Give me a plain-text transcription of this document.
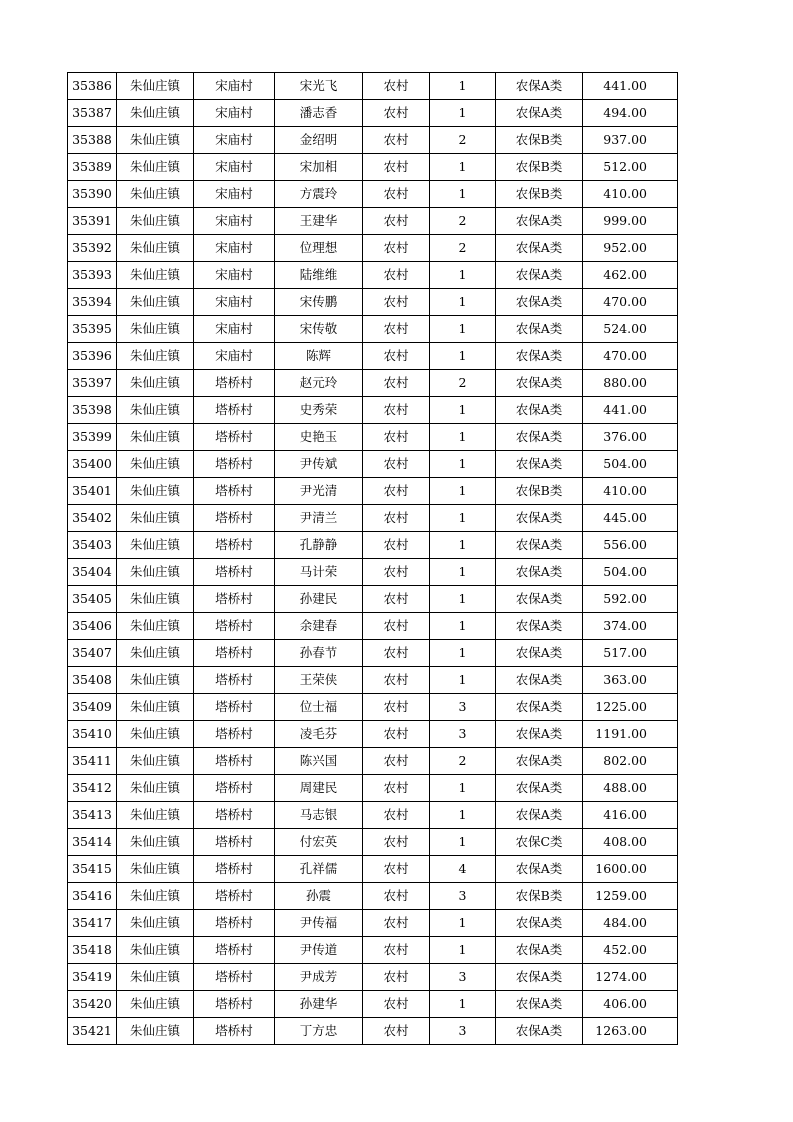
35386	朱仙庄镇	宋庙村	宋光飞	农村	1	农保A类	441.00
35387	朱仙庄镇	宋庙村	潘志香	农村	1	农保A类	494.00
35388	朱仙庄镇	宋庙村	金绍明	农村	2	农保B类	937.00
35389	朱仙庄镇	宋庙村	宋加相	农村	1	农保B类	512.00
35390	朱仙庄镇	宋庙村	方震玲	农村	1	农保B类	410.00
35391	朱仙庄镇	宋庙村	王建华	农村	2	农保A类	999.00
35392	朱仙庄镇	宋庙村	位理想	农村	2	农保A类	952.00
35393	朱仙庄镇	宋庙村	陆维维	农村	1	农保A类	462.00
35394	朱仙庄镇	宋庙村	宋传鹏	农村	1	农保A类	470.00
35395	朱仙庄镇	宋庙村	宋传敬	农村	1	农保A类	524.00
35396	朱仙庄镇	宋庙村	陈辉	农村	1	农保A类	470.00
35397	朱仙庄镇	塔桥村	赵元玲	农村	2	农保A类	880.00
35398	朱仙庄镇	塔桥村	史秀荣	农村	1	农保A类	441.00
35399	朱仙庄镇	塔桥村	史艳玉	农村	1	农保A类	376.00
35400	朱仙庄镇	塔桥村	尹传斌	农村	1	农保A类	504.00
35401	朱仙庄镇	塔桥村	尹光清	农村	1	农保B类	410.00
35402	朱仙庄镇	塔桥村	尹清兰	农村	1	农保A类	445.00
35403	朱仙庄镇	塔桥村	孔静静	农村	1	农保A类	556.00
35404	朱仙庄镇	塔桥村	马计荣	农村	1	农保A类	504.00
35405	朱仙庄镇	塔桥村	孙建民	农村	1	农保A类	592.00
35406	朱仙庄镇	塔桥村	余建春	农村	1	农保A类	374.00
35407	朱仙庄镇	塔桥村	孙春节	农村	1	农保A类	517.00
35408	朱仙庄镇	塔桥村	王荣侠	农村	1	农保A类	363.00
35409	朱仙庄镇	塔桥村	位士福	农村	3	农保A类	1225.00
35410	朱仙庄镇	塔桥村	凌毛芬	农村	3	农保A类	1191.00
35411	朱仙庄镇	塔桥村	陈兴国	农村	2	农保A类	802.00
35412	朱仙庄镇	塔桥村	周建民	农村	1	农保A类	488.00
35413	朱仙庄镇	塔桥村	马志银	农村	1	农保A类	416.00
35414	朱仙庄镇	塔桥村	付宏英	农村	1	农保C类	408.00
35415	朱仙庄镇	塔桥村	孔祥儒	农村	4	农保A类	1600.00
35416	朱仙庄镇	塔桥村	孙震	农村	3	农保B类	1259.00
35417	朱仙庄镇	塔桥村	尹传福	农村	1	农保A类	484.00
35418	朱仙庄镇	塔桥村	尹传道	农村	1	农保A类	452.00
35419	朱仙庄镇	塔桥村	尹成芳	农村	3	农保A类	1274.00
35420	朱仙庄镇	塔桥村	孙建华	农村	1	农保A类	406.00
35421	朱仙庄镇	塔桥村	丁方忠	农村	3	农保A类	1263.00
